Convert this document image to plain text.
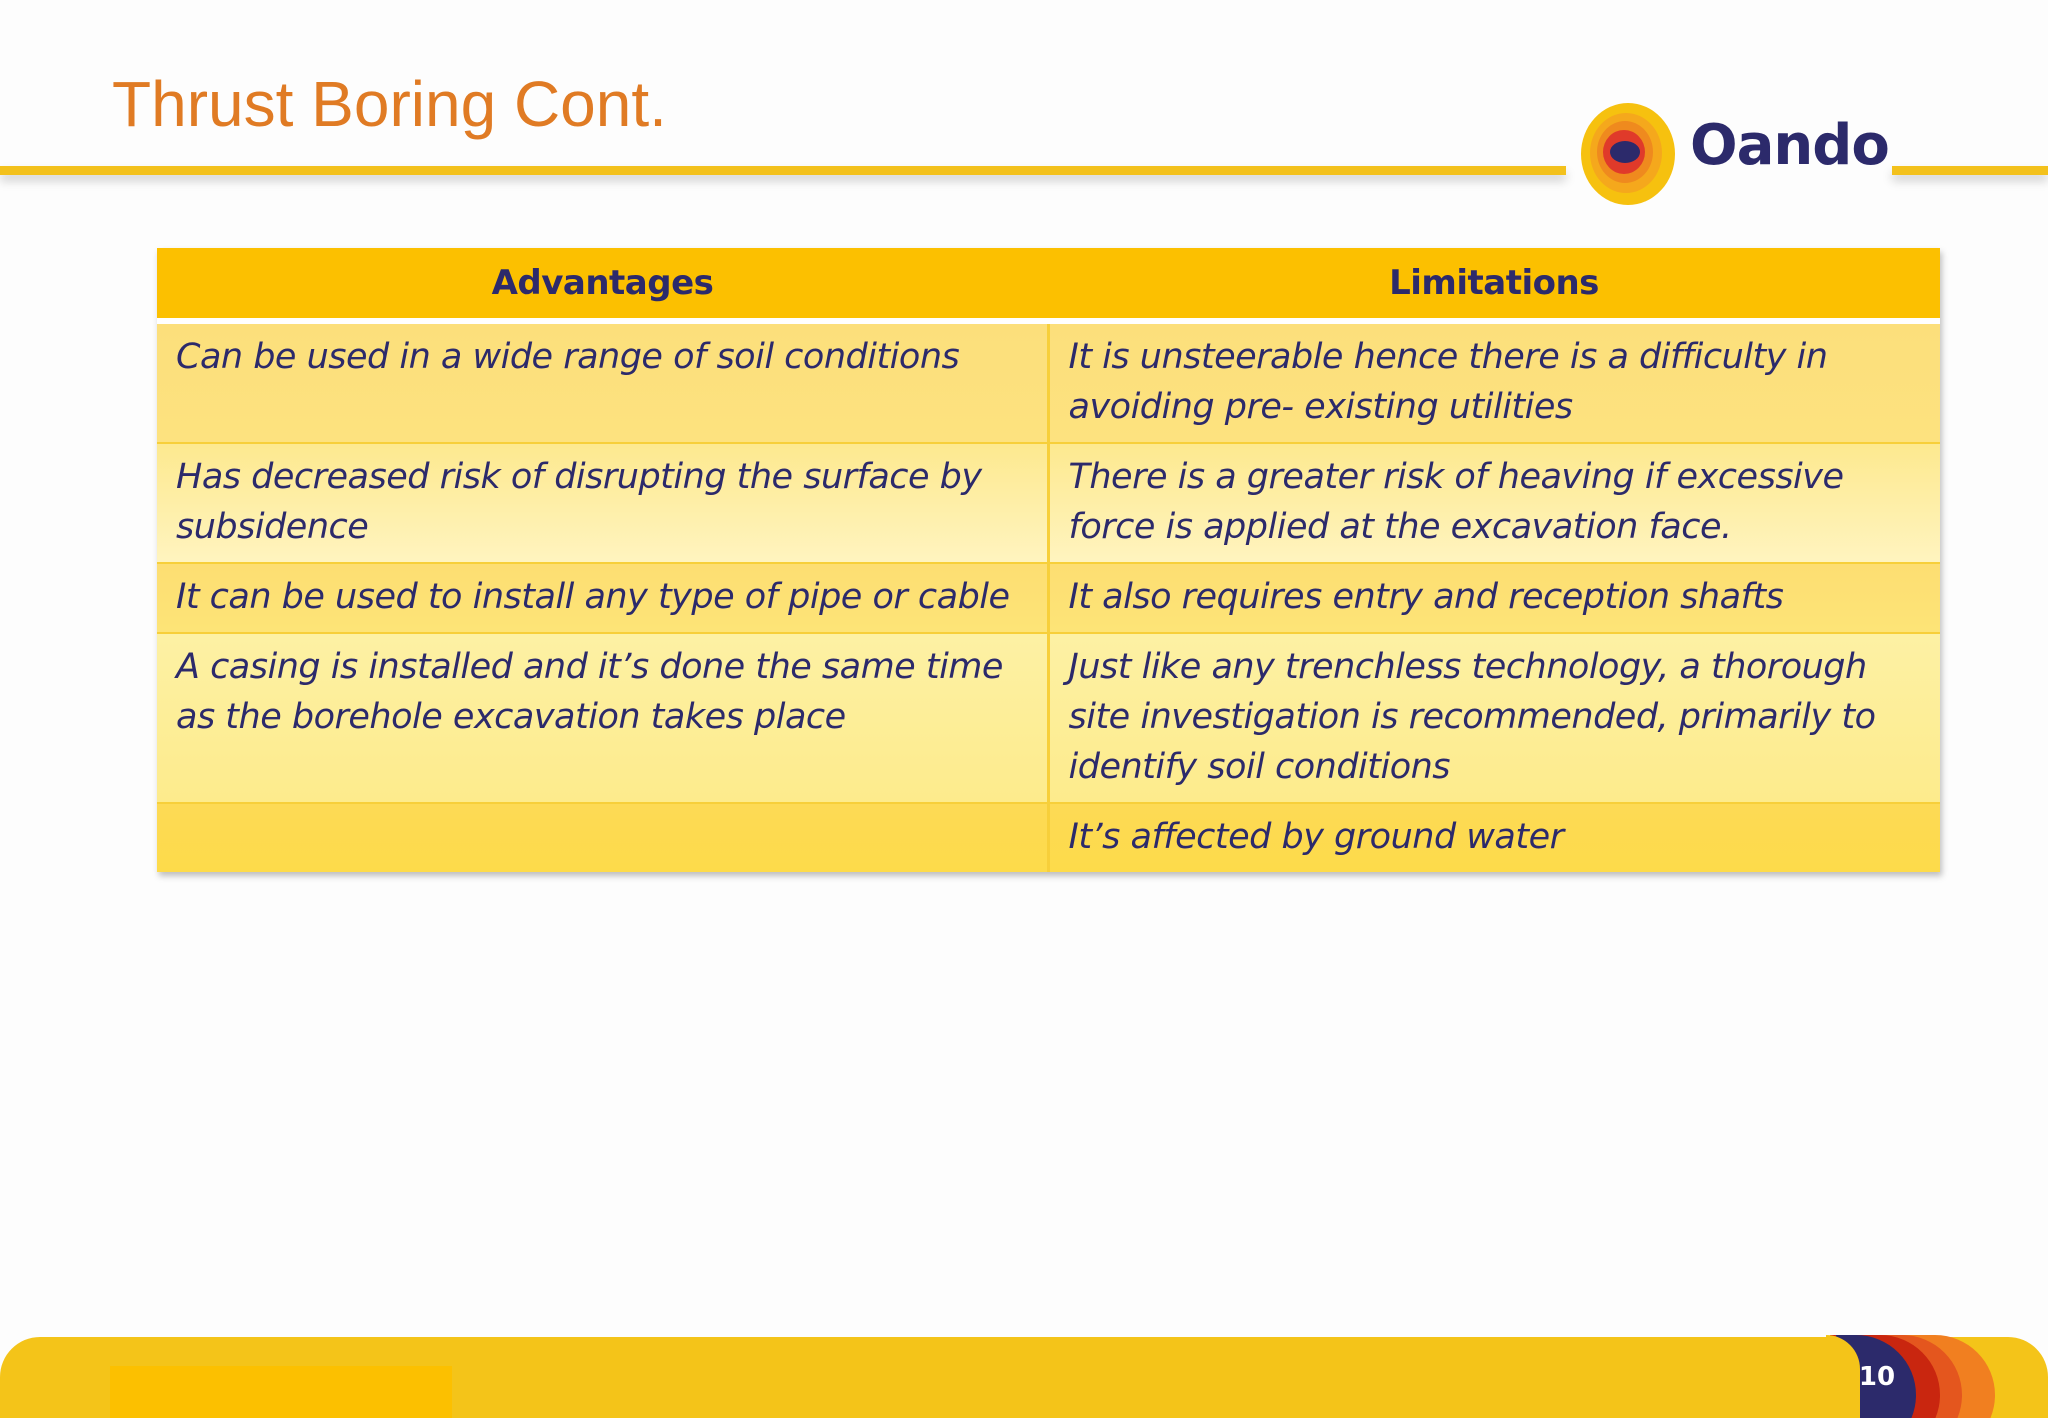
Thrust Boring Cont.
Oando
Advantages	Limitations
Can be used in a wide range of soil conditions	It is unsteerable hence there is a difficulty in avoiding pre- existing utilities
Has decreased risk of disrupting the surface by subsidence	There is a greater risk of heaving if excessive force is applied at the excavation face.
It can be used to install any type of pipe or cable	It also requires entry and reception shafts
A casing is installed and it’s done the same time as the borehole excavation takes place	Just like any trenchless technology, a thorough site investigation is recommended, primarily to identify soil conditions
	It’s affected by ground water
10
